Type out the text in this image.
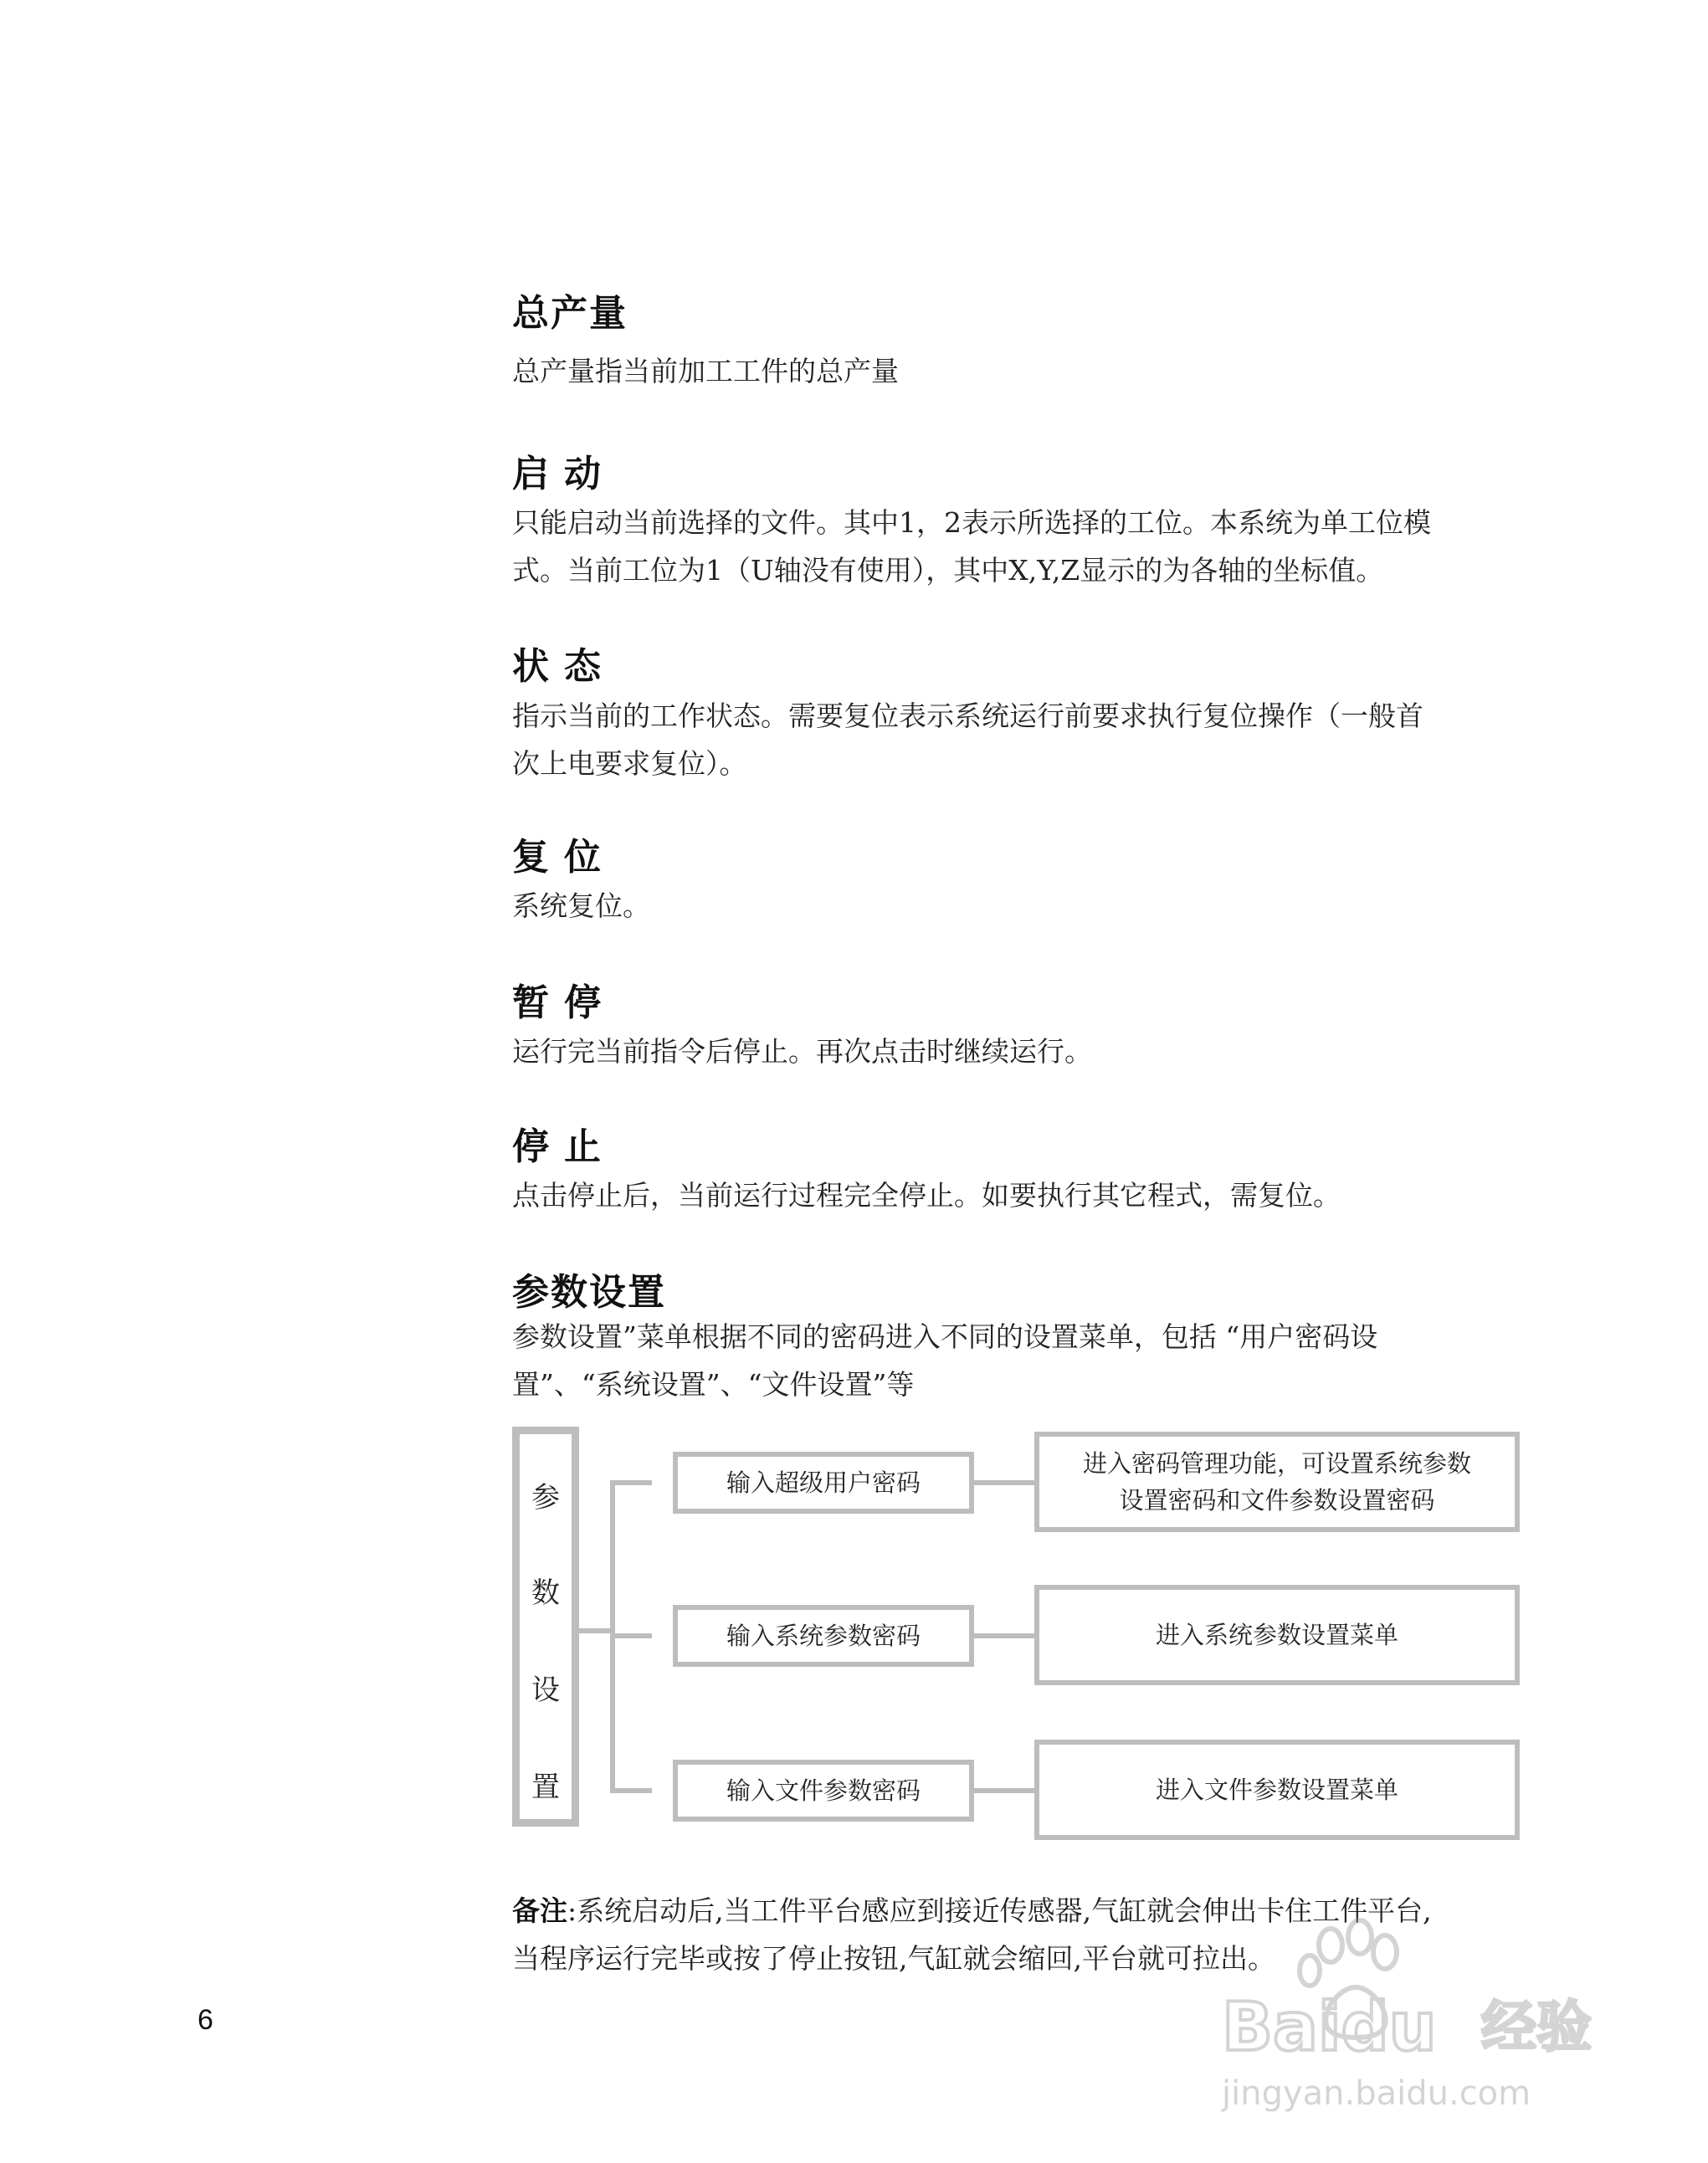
总产量

总产量指当前加工工件的总产量

启动

只能启动当前选择的文件。其中1，2表示所选择的工位。本系统为单工位模

式。当前工位为1（U轴没有使用），其中X,Y,Z显示的为各轴的坐标值。

状态

指示当前的工作状态。需要复位表示系统运行前要求执行复位操作（一般首

次上电要求复位）。

复位

系统复位。

暂停

运行完当前指令后停止。再次点击时继续运行。

停止

点击停止后，当前运行过程完全停止。如要执行其它程式，需复位。

参数设置

参数设置”菜单根据不同的密码进入不同的设置菜单，包括 “用户密码设

置”、“系统设置”、“文件设置”等

参
数
设
置
输入超级用户密码
输入系统参数密码
输入文件参数密码
进入密码管理功能，可设置系统参数
设置密码和文件参数设置密码
进入系统参数设置菜单
进入文件参数设置菜单

备注:系统启动后,当工件平台感应到接近传感器,气缸就会伸出卡住工件平台,
当程序运行完毕或按了停止按钮,气缸就会缩回,平台就可拉出。

6	Baidu 经验
jingyan.baidu.com
